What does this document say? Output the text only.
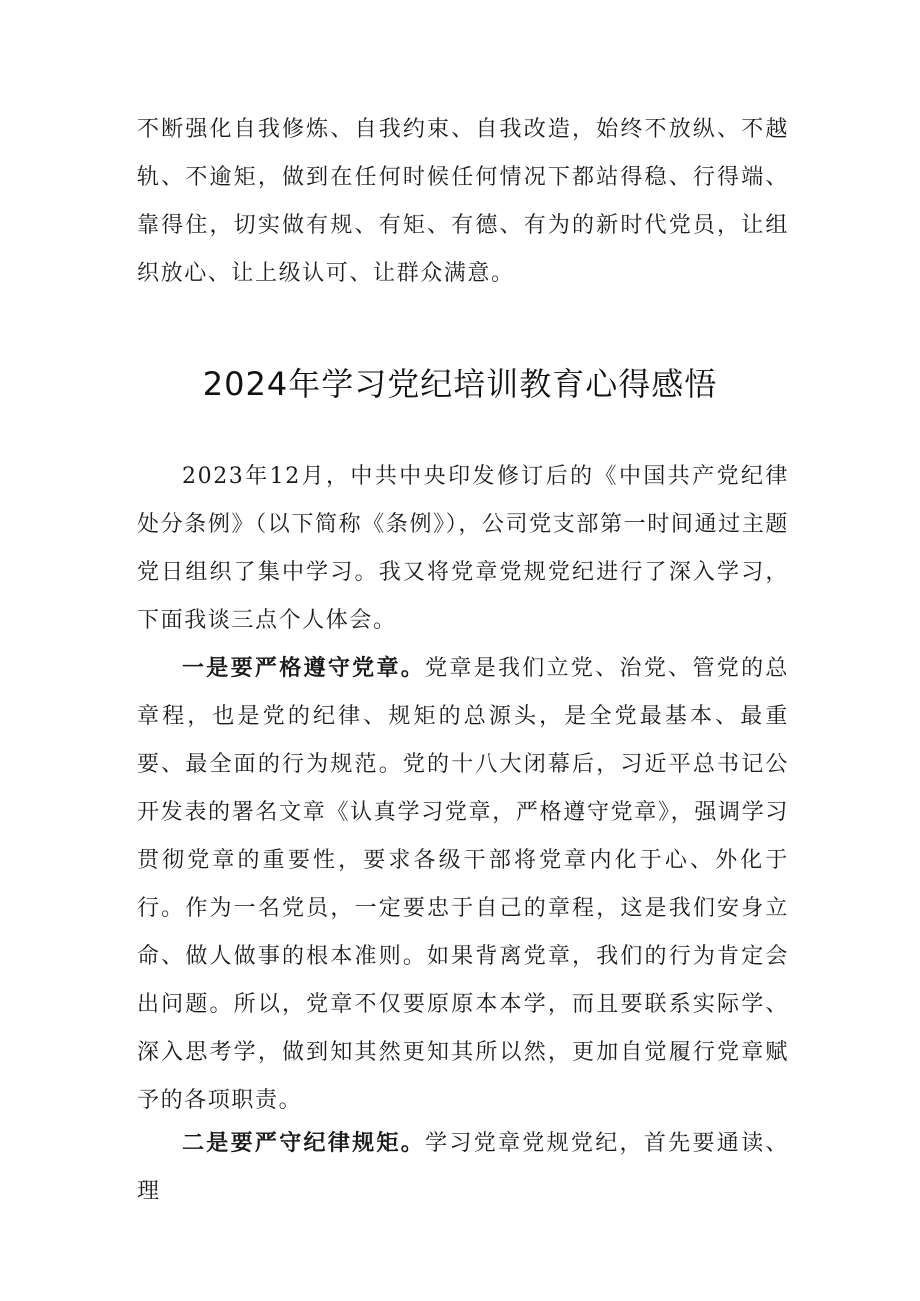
不断强化自我修炼、自我约束、自我改造，始终不放纵、不越轨、不逾矩，做到在任何时候任何情况下都站得稳、行得端、靠得住，切实做有规、有矩、有德、有为的新时代党员，让组织放心、让上级认可、让群众满意。

2024年学习党纪培训教育心得感悟

2023年12月，中共中央印发修订后的《中国共产党纪律处分条例》（以下简称《条例》），公司党支部第一时间通过主题党日组织了集中学习。我又将党章党规党纪进行了深入学习，下面我谈三点个人体会。

一是要严格遵守党章。党章是我们立党、治党、管党的总章程，也是党的纪律、规矩的总源头，是全党最基本、最重要、最全面的行为规范。党的十八大闭幕后，习近平总书记公开发表的署名文章《认真学习党章，严格遵守党章》，强调学习贯彻党章的重要性，要求各级干部将党章内化于心、外化于行。作为一名党员，一定要忠于自己的章程，这是我们安身立命、做人做事的根本准则。如果背离党章，我们的行为肯定会出问题。所以，党章不仅要原原本本学，而且要联系实际学、深入思考学，做到知其然更知其所以然，更加自觉履行党章赋予的各项职责。

二是要严守纪律规矩。学习党章党规党纪，首先要通读、理
